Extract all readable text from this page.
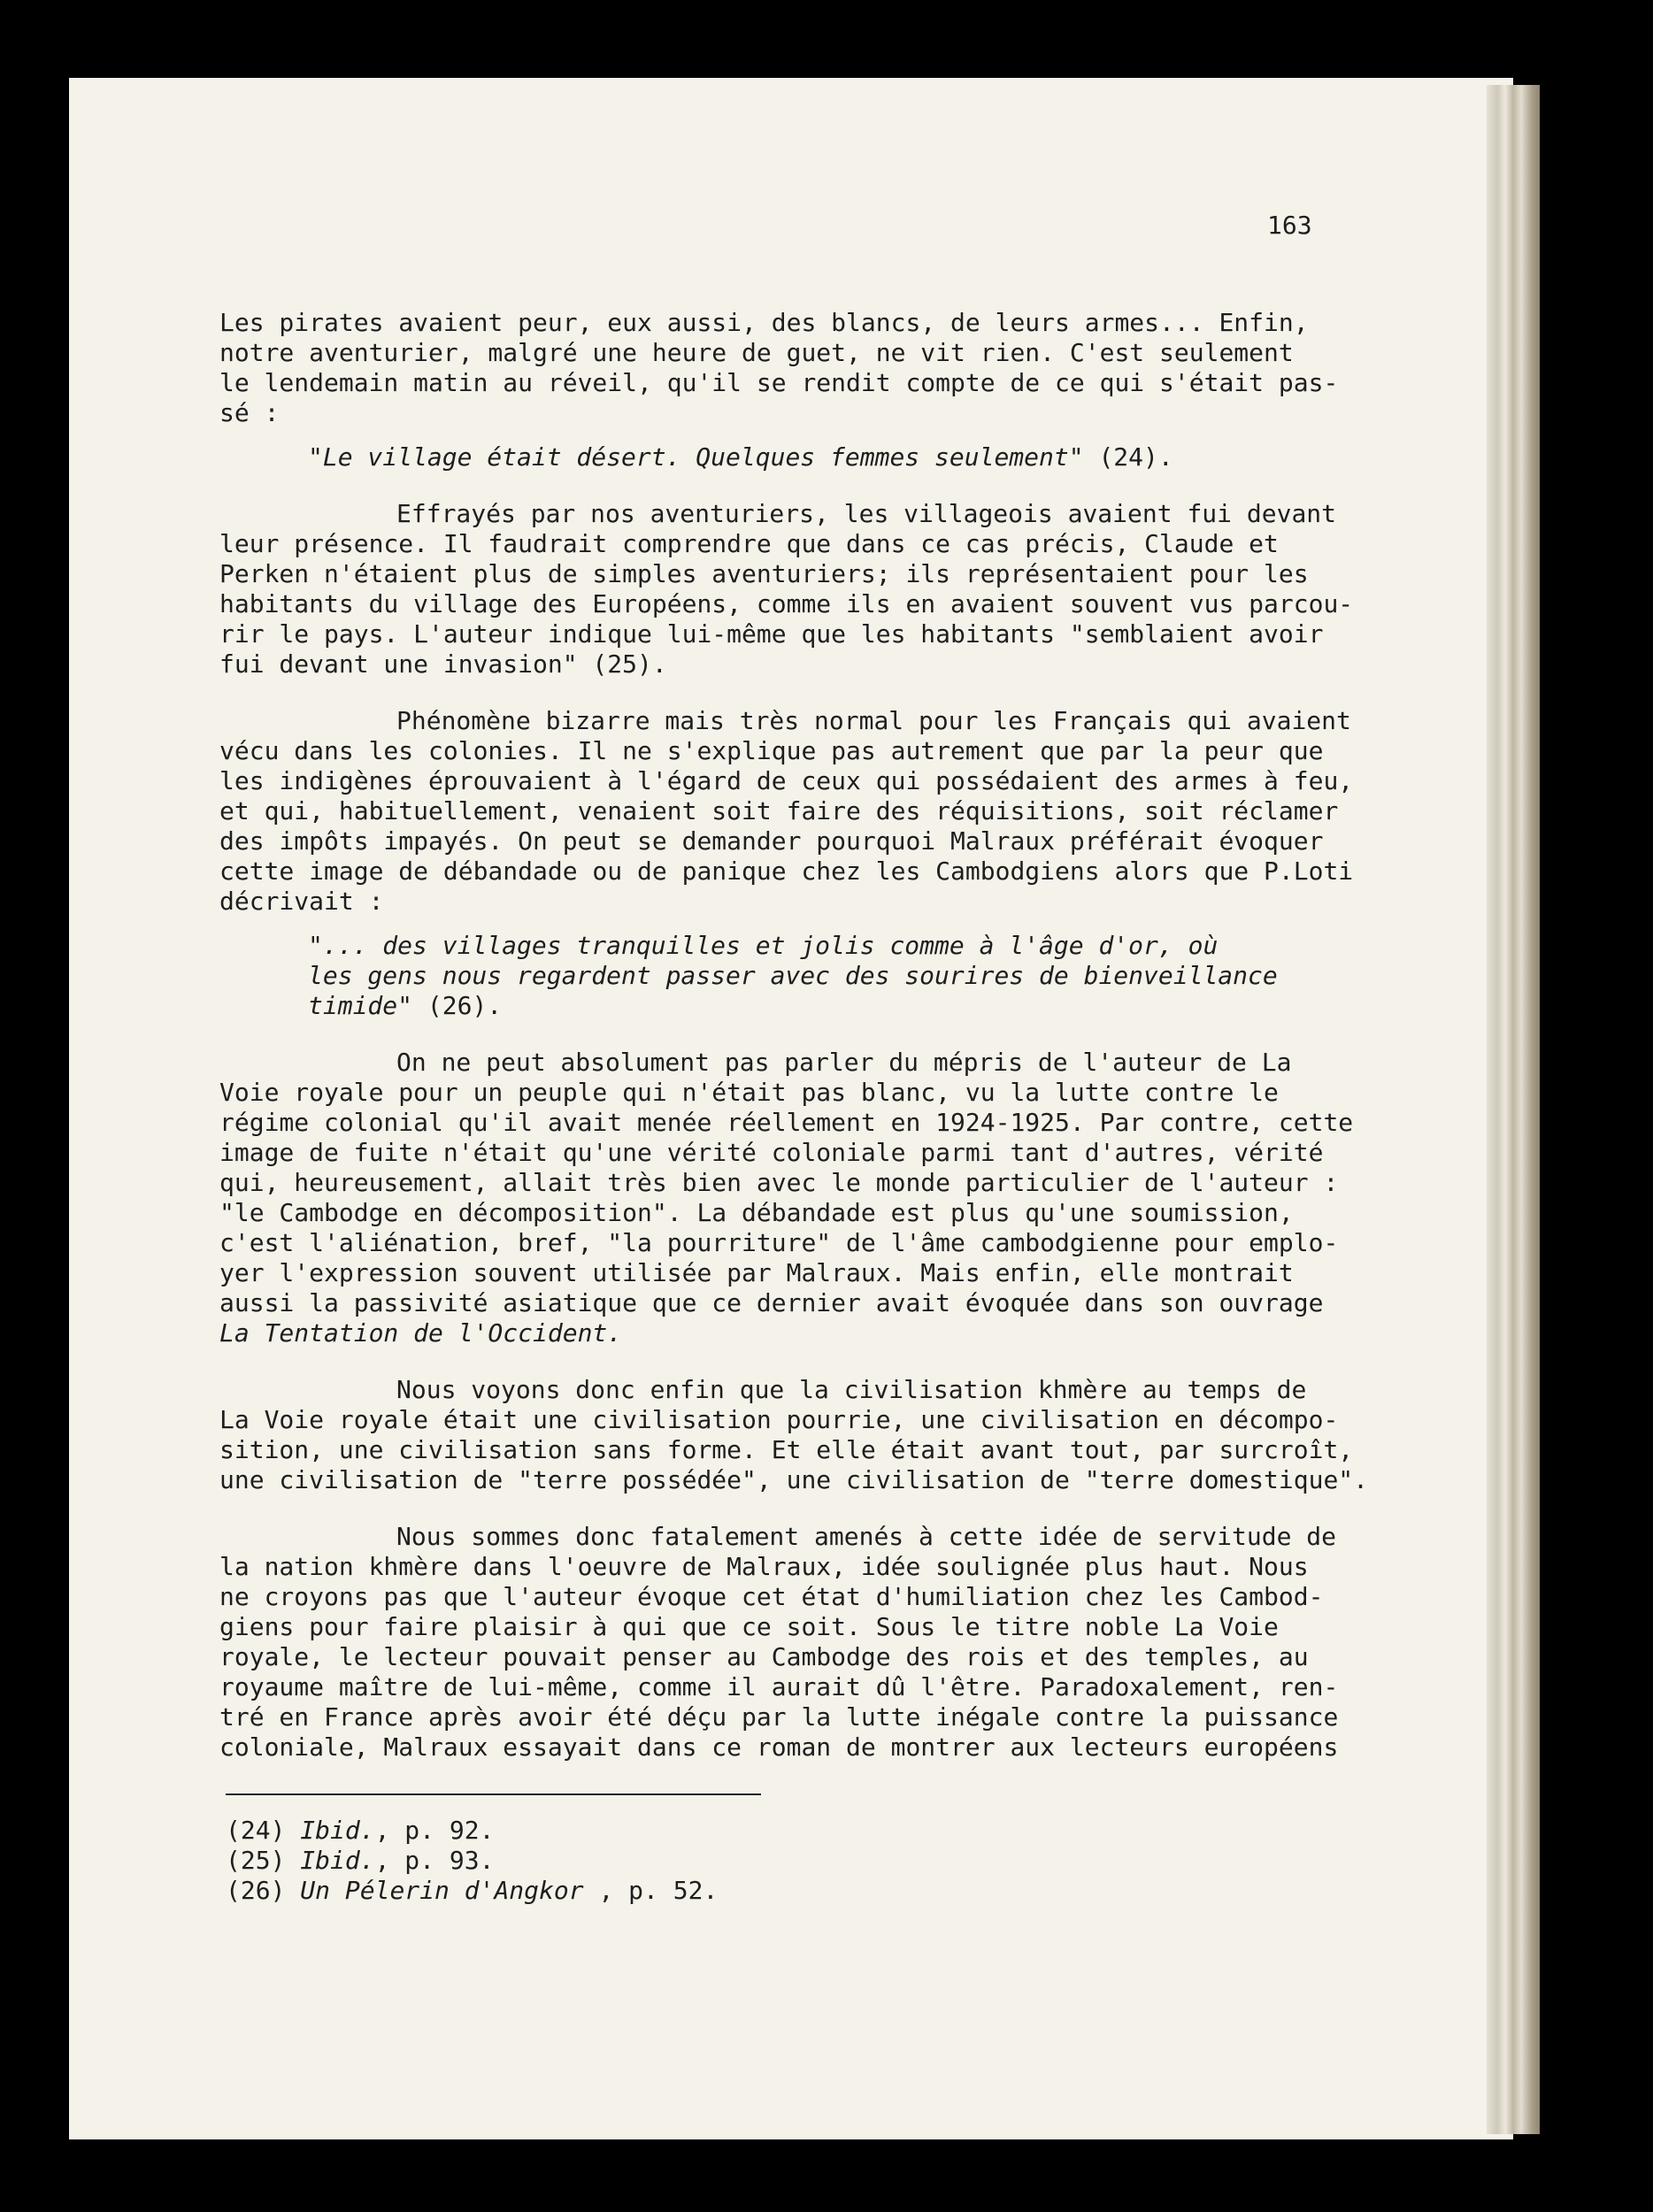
163
Les pirates avaient peur, eux aussi, des blancs, de leurs armes... Enfin,
notre aventurier, malgré une heure de guet, ne vit rien. C'est seulement
le lendemain matin au réveil, qu'il se rendit compte de ce qui s'était pas-
sé :
"Le village était désert. Quelques femmes seulement" (24).
Effrayés par nos aventuriers, les villageois avaient fui devant
leur présence. Il faudrait comprendre que dans ce cas précis, Claude et
Perken n'étaient plus de simples aventuriers; ils représentaient pour les
habitants du village des Européens, comme ils en avaient souvent vus parcou-
rir le pays. L'auteur indique lui-même que les habitants "semblaient avoir
fui devant une invasion" (25).
Phénomène bizarre mais très normal pour les Français qui avaient
vécu dans les colonies. Il ne s'explique pas autrement que par la peur que
les indigènes éprouvaient à l'égard de ceux qui possédaient des armes à feu,
et qui, habituellement, venaient soit faire des réquisitions, soit réclamer
des impôts impayés. On peut se demander pourquoi Malraux préférait évoquer
cette image de débandade ou de panique chez les Cambodgiens alors que P.Loti
décrivait :
"... des villages tranquilles et jolis comme à l'âge d'or, où
les gens nous regardent passer avec des sourires de bienveillance
timide" (26).
On ne peut absolument pas parler du mépris de l'auteur de La
Voie royale pour un peuple qui n'était pas blanc, vu la lutte contre le
régime colonial qu'il avait menée réellement en 1924-1925. Par contre, cette
image de fuite n'était qu'une vérité coloniale parmi tant d'autres, vérité
qui, heureusement, allait très bien avec le monde particulier de l'auteur :
"le Cambodge en décomposition". La débandade est plus qu'une soumission,
c'est l'aliénation, bref, "la pourriture" de l'âme cambodgienne pour emplo-
yer l'expression souvent utilisée par Malraux. Mais enfin, elle montrait
aussi la passivité asiatique que ce dernier avait évoquée dans son ouvrage
La Tentation de l'Occident.
Nous voyons donc enfin que la civilisation khmère au temps de
La Voie royale était une civilisation pourrie, une civilisation en décompo-
sition, une civilisation sans forme. Et elle était avant tout, par surcroît,
une civilisation de "terre possédée", une civilisation de "terre domestique".
Nous sommes donc fatalement amenés à cette idée de servitude de
la nation khmère dans l'oeuvre de Malraux, idée soulignée plus haut. Nous
ne croyons pas que l'auteur évoque cet état d'humiliation chez les Cambod-
giens pour faire plaisir à qui que ce soit. Sous le titre noble La Voie
royale, le lecteur pouvait penser au Cambodge des rois et des temples, au
royaume maître de lui-même, comme il aurait dû l'être. Paradoxalement, ren-
tré en France après avoir été déçu par la lutte inégale contre la puissance
coloniale, Malraux essayait dans ce roman de montrer aux lecteurs européens
(24) Ibid., p. 92.
(25) Ibid., p. 93.
(26) Un Pélerin d'Angkor , p. 52.
